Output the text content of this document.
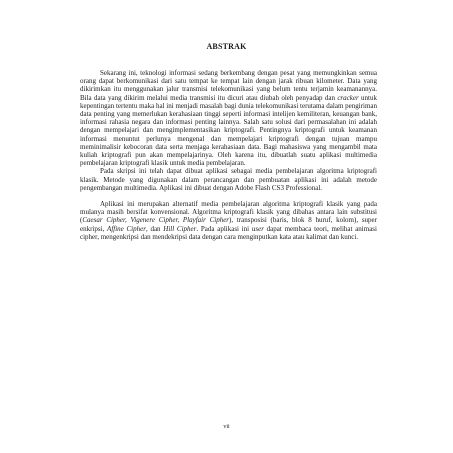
ABSTRAK

Sekarang ini, teknologi informasi sedang berkembang dengan pesat yang memungkinkan semua orang dapat berkomunikasi dari satu tempat ke tempat lain dengan jarak ribuan kilometer. Data yang dikirimkan itu menggunakan jalur transmisi telekomunikasi yang belum tentu terjamin keamanannya. Bila data yang dikirim melalui media transmisi itu dicuri atau diubah oleh penyadap dan cracker untuk kepentingan tertentu maka hal ini menjadi masalah bagi dunia telekomunikasi terutama dalam pengiriman data penting yang memerlukan kerahasiaan tinggi seperti informasi intelijen kemiliteran, keuangan bank, informasi rahasia negara dan informasi penting lainnya. Salah satu solusi dari permasalahan ini adalah dengan mempelajari dan mengimplementasikan kriptografi. Pentingnya kriptografi untuk keamanan informasi menuntut perlunya mengenal dan mempelajari kriptografi dengan tujuan mampu meminimalisir kebocoran data serta menjaga kerahasiaan data. Bagi mahasiswa yang mengambil mata kuliah kriptografi pun akan mempelajarinya. Oleh karena itu, dibuatlah suatu aplikasi multimedia pembelajaran kriptografi klasik untuk media pembelajaran.

Pada skripsi ini telah dapat dibuat aplikasi sebagai media pembelajaran algoritma kriptografi klasik. Metode yang digunakan dalam perancangan dan pembuatan aplikasi ini adalah metode pengembangan multimedia. Aplikasi ini dibuat dengan Adobe Flash CS3 Professional.

Aplikasi ini merupakan alternatif media pembelajaran algoritma kriptografi klasik yang pada mulanya masih bersifat konvensional. Algoritma kriptografi klasik yang dibahas antara lain substitusi (Caesar Cipher, Vigenere Cipher, Playfair Cipher), transposisi (baris, blok 8 huruf, kolom), super enkripsi, Affine Cipher, dan Hill Cipher. Pada aplikasi ini user dapat membaca teori, melihat animasi cipher, mengenkripsi dan mendekripsi data dengan cara menginputkan kata atau kalimat dan kunci.

vii
